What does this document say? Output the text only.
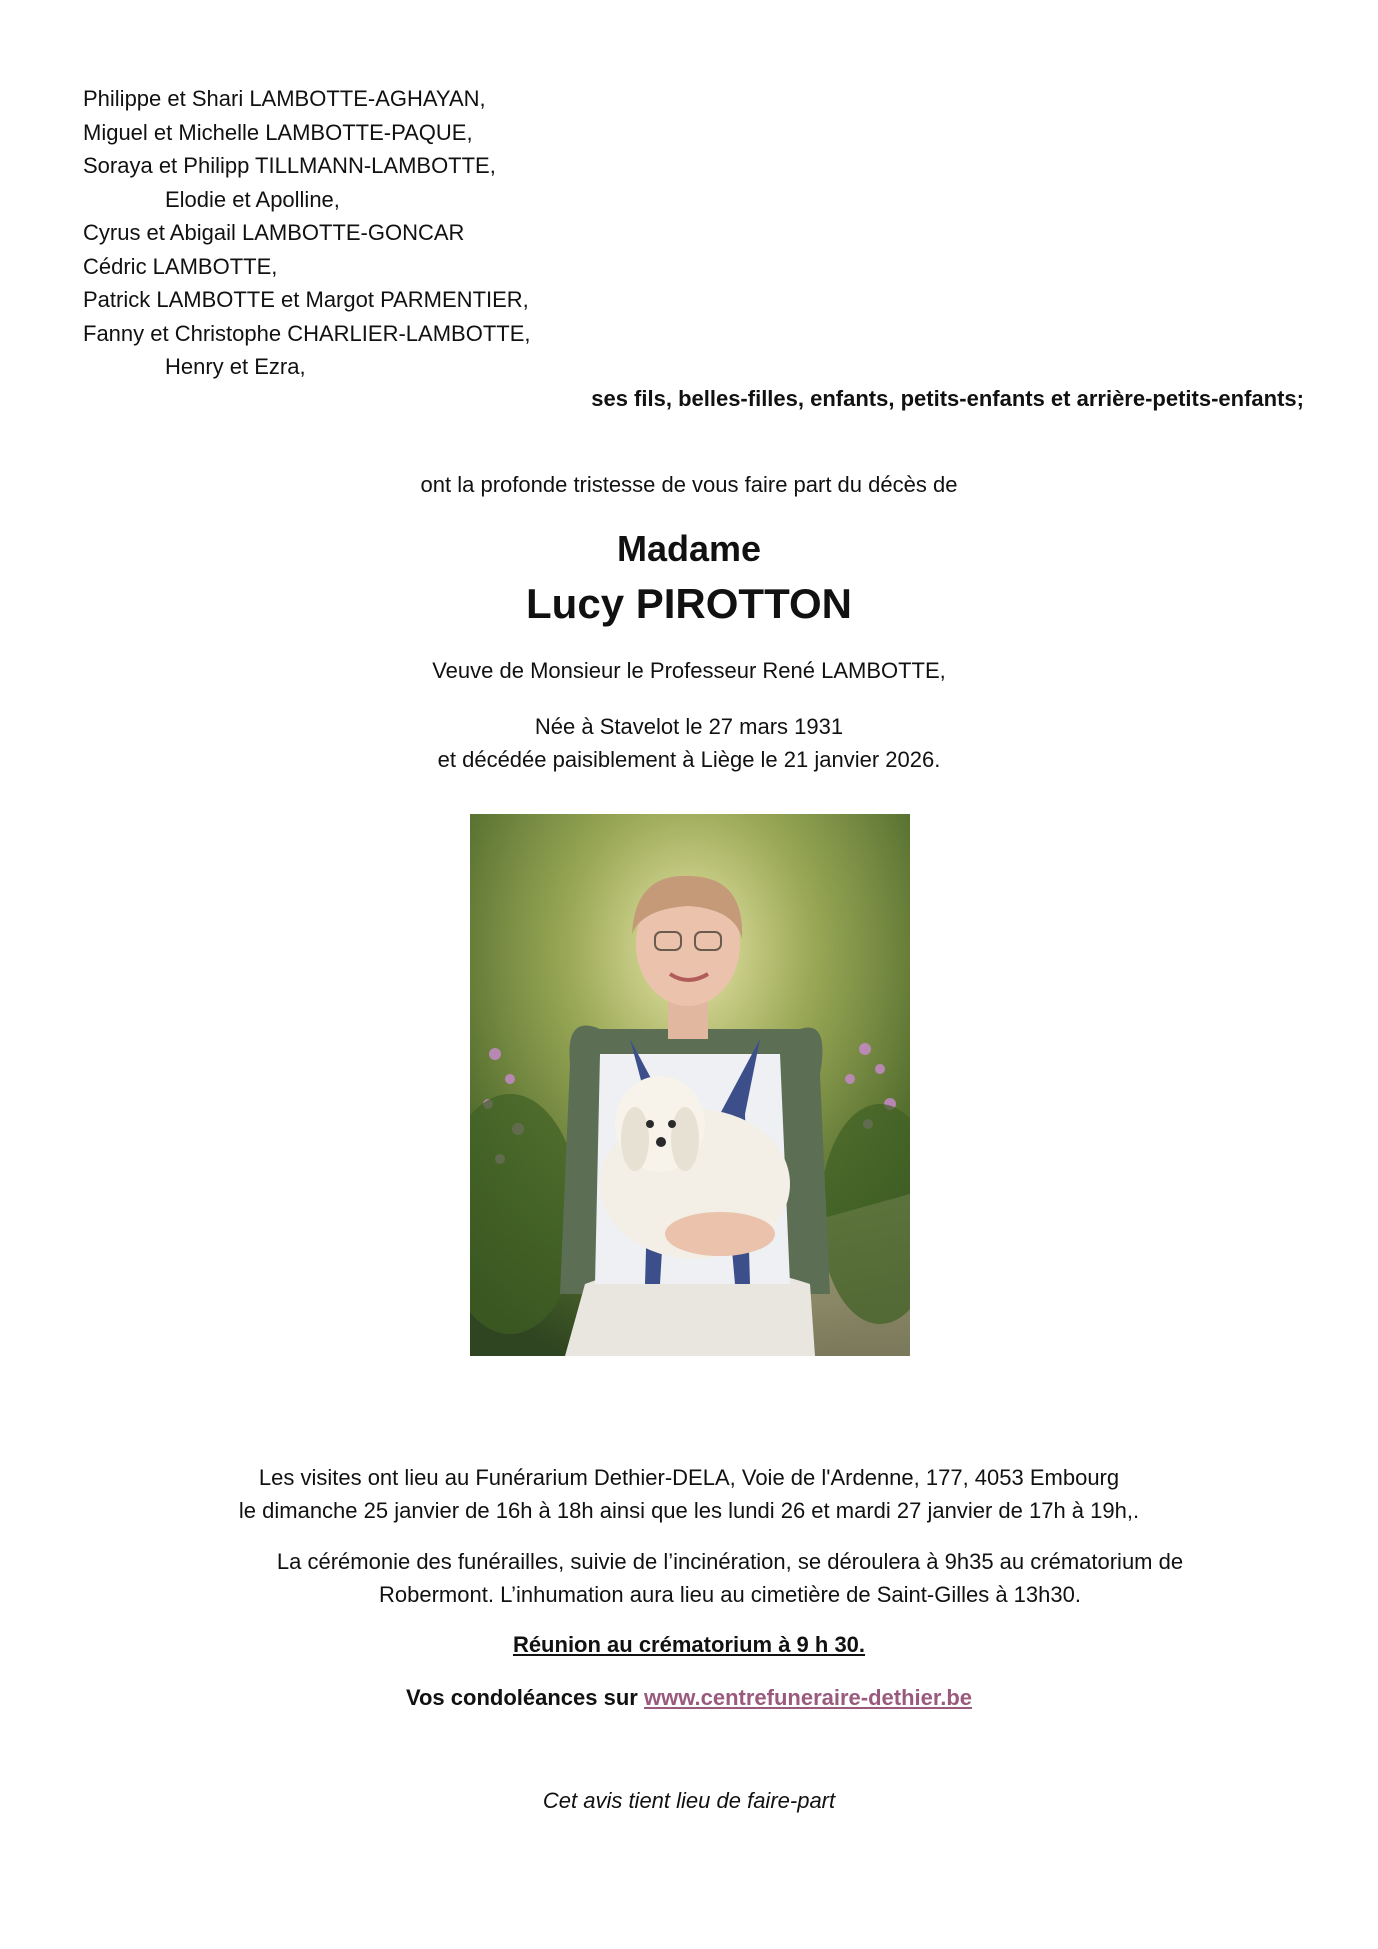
Philippe et Shari LAMBOTTE-AGHAYAN,
Miguel et Michelle LAMBOTTE-PAQUE,
Soraya et Philipp TILLMANN-LAMBOTTE,
Elodie et Apolline,
Cyrus et Abigail LAMBOTTE-GONCAR
Cédric LAMBOTTE,
Patrick LAMBOTTE et Margot PARMENTIER,
Fanny et Christophe CHARLIER-LAMBOTTE,
Henry et Ezra,
ses fils, belles-filles, enfants, petits-enfants et arrière-petits-enfants;
ont la profonde tristesse de vous faire part du décès de
Madame
Lucy PIROTTON
Veuve de Monsieur le Professeur René LAMBOTTE,
Née à Stavelot le 27 mars 1931
et décédée paisiblement à Liège le 21 janvier 2026.
Les visites ont lieu au Funérarium Dethier-DELA, Voie de l'Ardenne, 177, 4053 Embourg
le dimanche 25 janvier de 16h à 18h ainsi que les lundi 26 et mardi 27 janvier de 17h à 19h,.
La cérémonie des funérailles, suivie de l’incinération, se déroulera à 9h35 au crématorium de
Robermont. L’inhumation aura lieu au cimetière de Saint-Gilles à 13h30.
Réunion au crématorium à 9 h 30.
Vos condoléances sur www.centrefuneraire-dethier.be
Cet avis tient lieu de faire-part
